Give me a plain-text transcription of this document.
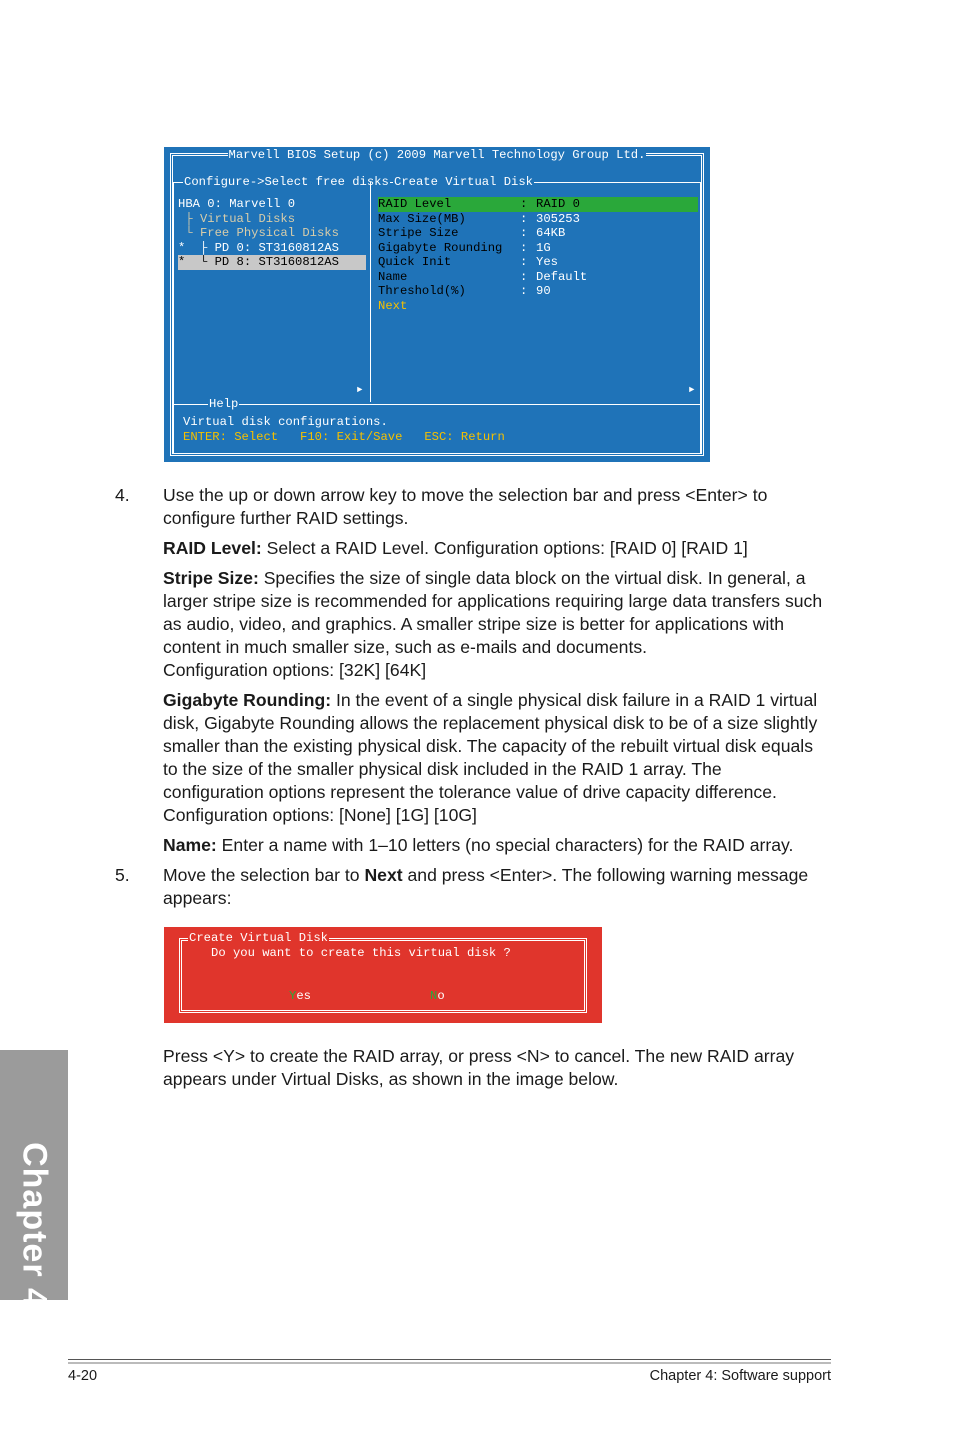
Marvell BIOS Setup (c) 2009 Marvell Technology Group Ltd.
Configure->Select free disks Create Virtual Disk
Help
HBA 0: Marvell 0
├ Virtual Disks
└ Free Physical Disks
*  ├ PD 0: ST3160812AS
*  └ PD 8: ST3160812AS
RAID Level	: RAID 0
Max Size(MB)	: 305253
Stripe Size	: 64KB
Gigabyte Rounding	: 1G
Quick Init	: Yes
Name	: Default
Threshold(%)	: 90
Next
►	►
Virtual disk configurations.
ENTER: Select   F10: Exit/Save   ESC: Return
4. Use the up or down arrow key to move the selection bar and press <Enter> to configure further RAID settings.
RAID Level: Select a RAID Level. Configuration options: [RAID 0] [RAID 1]
Stripe Size: Specifies the size of single data block on the virtual disk. In general, a larger stripe size is recommended for applications requiring large data transfers such as audio, video, and graphics. A smaller stripe size is better for applications with content in much smaller size, such as e-mails and documents.
Configuration options: [32K] [64K]
Gigabyte Rounding: In the event of a single physical disk failure in a RAID 1 virtual disk, Gigabyte Rounding allows the replacement physical disk to be of a size slightly smaller than the existing physical disk. The capacity of the rebuilt virtual disk equals to the size of the smaller physical disk included in the RAID 1 array. The configuration options represent the tolerance value of drive capacity difference.
Configuration options: [None] [1G] [10G]
Name: Enter a name with 1–10 letters (no special characters) for the RAID array.
5. Move the selection bar to Next and press <Enter>. The following warning message appears:
Create Virtual Disk
Do you want to create this virtual disk ?
Yes	No
Press <Y> to create the RAID array, or press <N> to cancel. The new RAID array appears under Virtual Disks, as shown in the image below.
Chapter 4
4-20	Chapter 4: Software support
